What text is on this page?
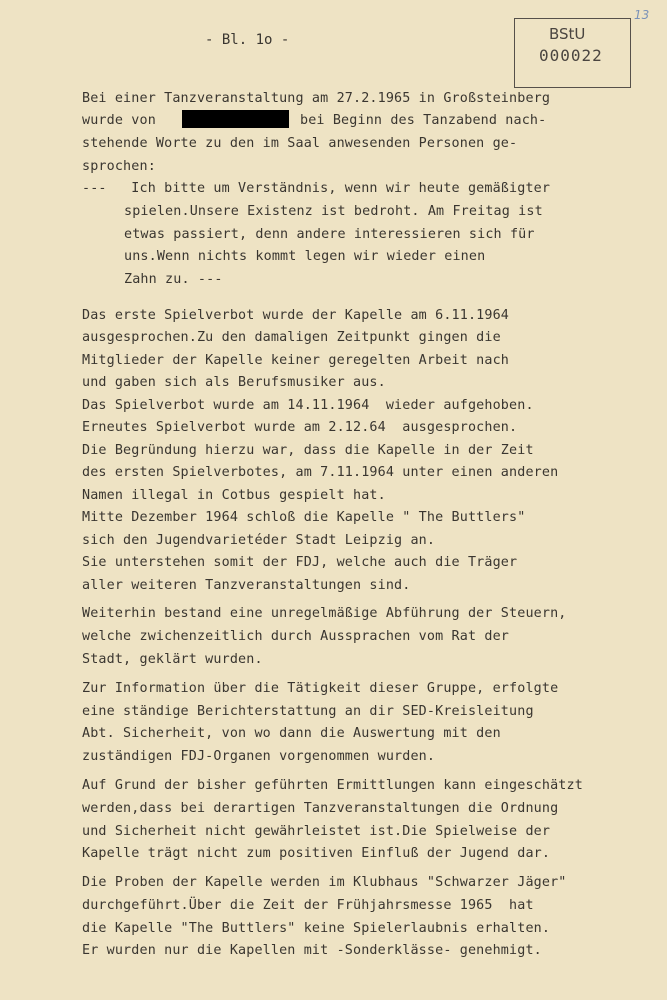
- Bl. 1o -	BStU
000022
13
Bei einer Tanzveranstaltung am 27.2.1965 in Großsteinberg
wurde von	bei Beginn des Tanzabend nach-
stehende Worte zu den im Saal anwesenden Personen ge-
sprochen:
---   Ich bitte um Verständnis, wenn wir heute gemäßigter
spielen.Unsere Existenz ist bedroht. Am Freitag ist
etwas passiert, denn andere interessieren sich für
uns.Wenn nichts kommt legen wir wieder einen
Zahn zu. ---
Das erste Spielverbot wurde der Kapelle am 6.11.1964
ausgesprochen.Zu den damaligen Zeitpunkt gingen die
Mitglieder der Kapelle keiner geregelten Arbeit nach
und gaben sich als Berufsmusiker aus.
Das Spielverbot wurde am 14.11.1964  wieder aufgehoben.
Erneutes Spielverbot wurde am 2.12.64  ausgesprochen.
Die Begründung hierzu war, dass die Kapelle in der Zeit
des ersten Spielverbotes, am 7.11.1964 unter einen anderen
Namen illegal in Cotbus gespielt hat.
Mitte Dezember 1964 schloß die Kapelle " The Buttlers"
sich den Jugendvarietéder Stadt Leipzig an.
Sie unterstehen somit der FDJ, welche auch die Träger
aller weiteren Tanzveranstaltungen sind.
Weiterhin bestand eine unregelmäßige Abführung der Steuern,
welche zwichenzeitlich durch Aussprachen vom Rat der
Stadt, geklärt wurden.
Zur Information über die Tätigkeit dieser Gruppe, erfolgte
eine ständige Berichterstattung an dir SED-Kreisleitung
Abt. Sicherheit, von wo dann die Auswertung mit den
zuständigen FDJ-Organen vorgenommen wurden.
Auf Grund der bisher geführten Ermittlungen kann eingeschätzt
werden,dass bei derartigen Tanzveranstaltungen die Ordnung
und Sicherheit nicht gewährleistet ist.Die Spielweise der
Kapelle trägt nicht zum positiven Einfluß der Jugend dar.
Die Proben der Kapelle werden im Klubhaus "Schwarzer Jäger"
durchgeführt.Über die Zeit der Frühjahrsmesse 1965  hat
die Kapelle "The Buttlers" keine Spielerlaubnis erhalten.
Er wurden nur die Kapellen mit -Sonderklässe- genehmigt.
